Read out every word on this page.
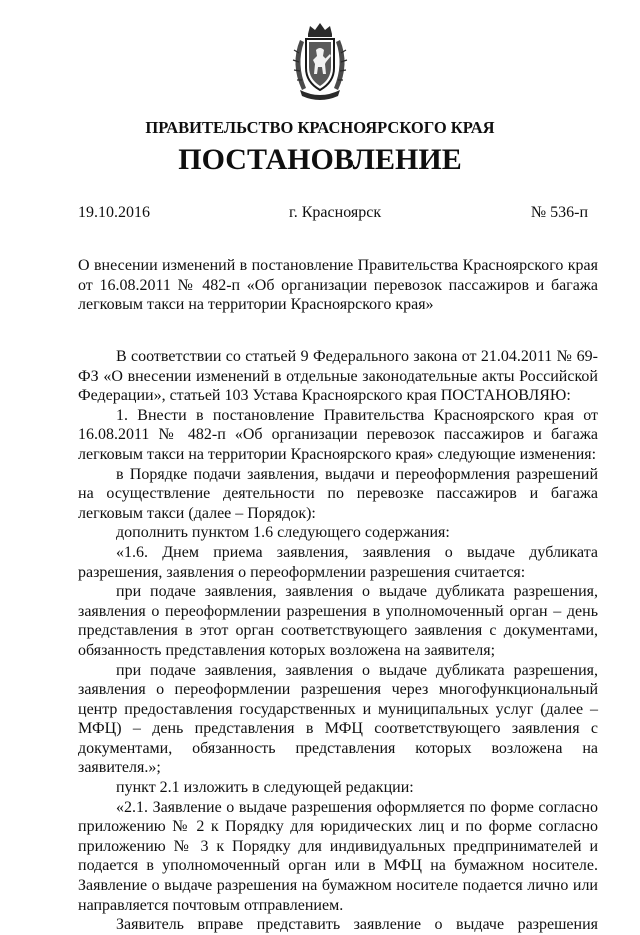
ПРАВИТЕЛЬСТВО КРАСНОЯРСКОГО КРАЯ
ПОСТАНОВЛЕНИЕ
19.10.2016	г. Красноярск	№ 536-п
О внесении изменений в постановление Правительства Красноярского края от 16.08.2011 № 482-п «Об организации перевозок пассажиров и багажа легковым такси на территории Красноярского края»

В соответствии со статьей 9 Федерального закона от 21.04.2011 № 69-ФЗ «О внесении изменений в отдельные законодательные акты Российской Федерации», статьей 103 Устава Красноярского края ПОСТАНОВЛЯЮ:

1. Внести в постановление Правительства Красноярского края от 16.08.2011 № 482-п «Об организации перевозок пассажиров и багажа легковым такси на территории Красноярского края» следующие изменения:

в Порядке подачи заявления, выдачи и переоформления разрешений на осуществление деятельности по перевозке пассажиров и багажа легковым такси (далее – Порядок):

дополнить пунктом 1.6 следующего содержания:

«1.6. Днем приема заявления, заявления о выдаче дубликата разрешения, заявления о переоформлении разрешения считается:

при подаче заявления, заявления о выдаче дубликата разрешения, заявления о переоформлении разрешения в уполномоченный орган – день представления в этот орган соответствующего заявления с документами, обязанность представления которых возложена на заявителя;

при подаче заявления, заявления о выдаче дубликата разрешения, заявления о переоформлении разрешения через многофункциональный центр предоставления государственных и муниципальных услуг (далее – МФЦ) – день представления в МФЦ соответствующего заявления с документами, обязанность представления которых возложена на заявителя.»;

пункт 2.1 изложить в следующей редакции:

«2.1. Заявление о выдаче разрешения оформляется по форме согласно приложению № 2 к Порядку для юридических лиц и по форме согласно приложению № 3 к Порядку для индивидуальных предпринимателей и подается в уполномоченный орган или в МФЦ на бумажном носителе. Заявление о выдаче разрешения на бумажном носителе подается лично или направляется почтовым отправлением.

Заявитель вправе представить заявление о выдаче разрешения
